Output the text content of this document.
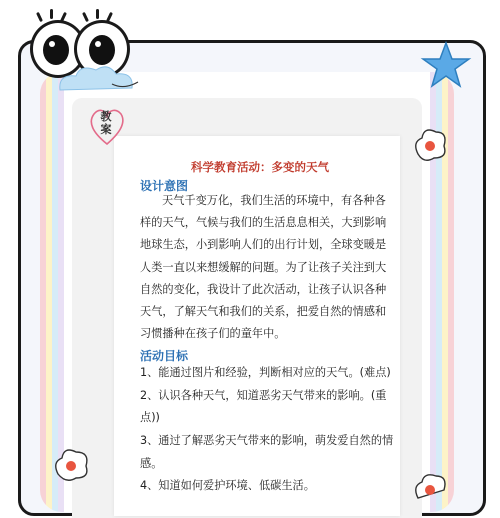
教案
科学教育活动：多变的天气
设计意图
天气千变万化，我们生活的环境中，有各种各样的天气，气候与我们的生活息息相关，大到影响地球生态，小到影响人们的出行计划，全球变暖是人类一直以来想缓解的问题。为了让孩子关注到大自然的变化，我设计了此次活动，让孩子认识各种天气，了解天气和我们的关系，把爱自然的情感和习惯播种在孩子们的童年中。
活动目标
1、能通过图片和经验，判断相对应的天气。(难点)
2、认识各种天气，知道恶劣天气带来的影响。(重
点))
3、通过了解恶劣天气带来的影响，萌发爱自然的情
感。
4、知道如何爱护环境、低碳生活。
